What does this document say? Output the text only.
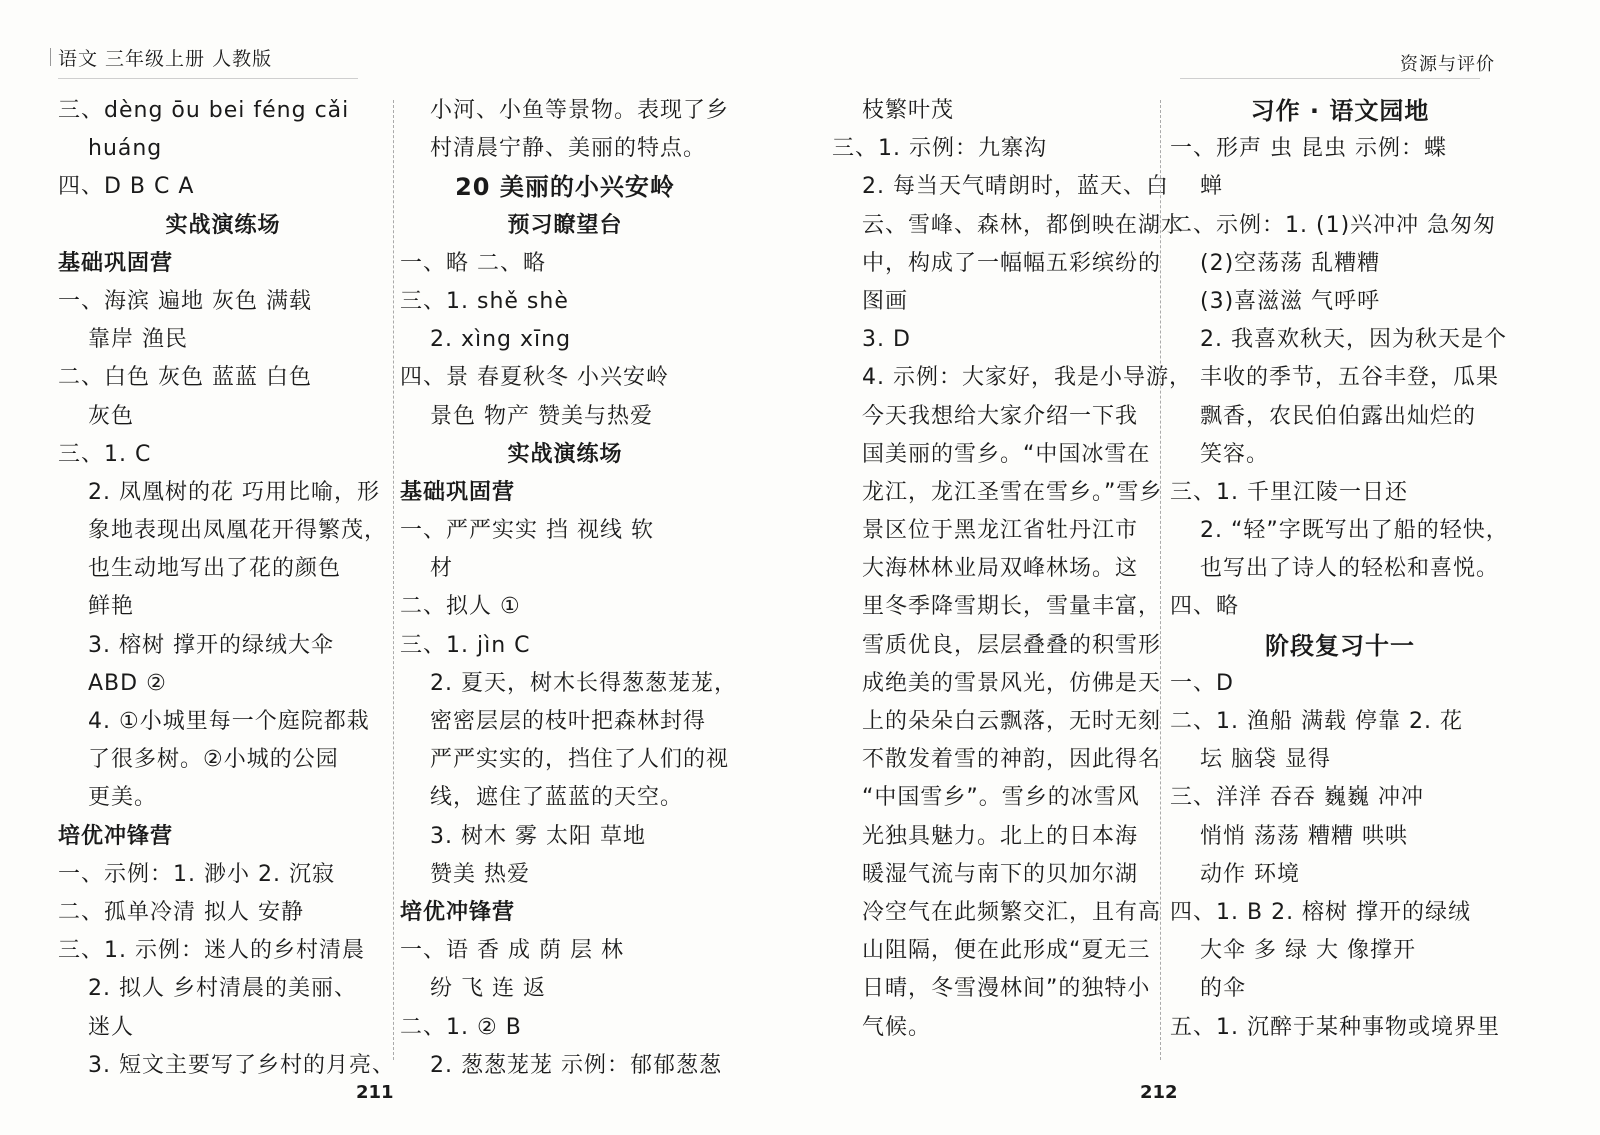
语文 三年级上册 人教版	资源与评价
三、dèng ōu bei féng cǎi
huáng
四、D B C A
实战演练场
基础巩固营
一、海滨 遍地 灰色 满载
靠岸 渔民
二、白色 灰色 蓝蓝 白色
灰色
三、1. C
2. 凤凰树的花 巧用比喻，形
象地表现出凤凰花开得繁茂，
也生动地写出了花的颜色
鲜艳
3. 榕树 撑开的绿绒大伞
ABD ②
4. ①小城里每一个庭院都栽
了很多树。②小城的公园
更美。
培优冲锋营
一、示例：1. 渺小 2. 沉寂
二、孤单冷清 拟人 安静
三、1. 示例：迷人的乡村清晨
2. 拟人 乡村清晨的美丽、
迷人
3. 短文主要写了乡村的月亮、
小河、小鱼等景物。表现了乡
村清晨宁静、美丽的特点。
20 美丽的小兴安岭
预习瞭望台
一、略 二、略
三、1. shě shè
2. xìng xīng
四、景 春夏秋冬 小兴安岭
景色 物产 赞美与热爱
实战演练场
基础巩固营
一、严严实实 挡 视线 软
材
二、拟人 ①
三、1. jìn C
2. 夏天，树木长得葱葱茏茏，
密密层层的枝叶把森林封得
严严实实的，挡住了人们的视
线，遮住了蓝蓝的天空。
3. 树木 雾 太阳 草地
赞美 热爱
培优冲锋营
一、语 香 成 荫 层 林
纷 飞 连 返
二、1. ② B
2. 葱葱茏茏 示例：郁郁葱葱
枝繁叶茂
三、1. 示例：九寨沟
2. 每当天气晴朗时，蓝天、白
云、雪峰、森林，都倒映在湖水
中，构成了一幅幅五彩缤纷的
图画
3. D
4. 示例：大家好，我是小导游，
今天我想给大家介绍一下我
国美丽的雪乡。“中国冰雪在
龙江，龙江圣雪在雪乡。”雪乡
景区位于黑龙江省牡丹江市
大海林林业局双峰林场。这
里冬季降雪期长，雪量丰富，
雪质优良，层层叠叠的积雪形
成绝美的雪景风光，仿佛是天
上的朵朵白云飘落，无时无刻
不散发着雪的神韵，因此得名
“中国雪乡”。雪乡的冰雪风
光独具魅力。北上的日本海
暖湿气流与南下的贝加尔湖
冷空气在此频繁交汇，且有高
山阻隔，便在此形成“夏无三
日晴，冬雪漫林间”的独特小
气候。
习作 · 语文园地
一、形声 虫 昆虫 示例：蝶
蝉
二、示例：1. (1)兴冲冲 急匆匆
(2)空荡荡 乱糟糟
(3)喜滋滋 气呼呼
2. 我喜欢秋天，因为秋天是个
丰收的季节，五谷丰登，瓜果
飘香，农民伯伯露出灿烂的
笑容。
三、1. 千里江陵一日还
2. “轻”字既写出了船的轻快，
也写出了诗人的轻松和喜悦。
四、略
阶段复习十一
一、D
二、1. 渔船 满载 停靠 2. 花
坛 脑袋 显得
三、洋洋 吞吞 巍巍 冲冲
悄悄 荡荡 糟糟 哄哄
动作 环境
四、1. B 2. 榕树 撑开的绿绒
大伞 多 绿 大 像撑开
的伞
五、1. 沉醉于某种事物或境界里
211	212
